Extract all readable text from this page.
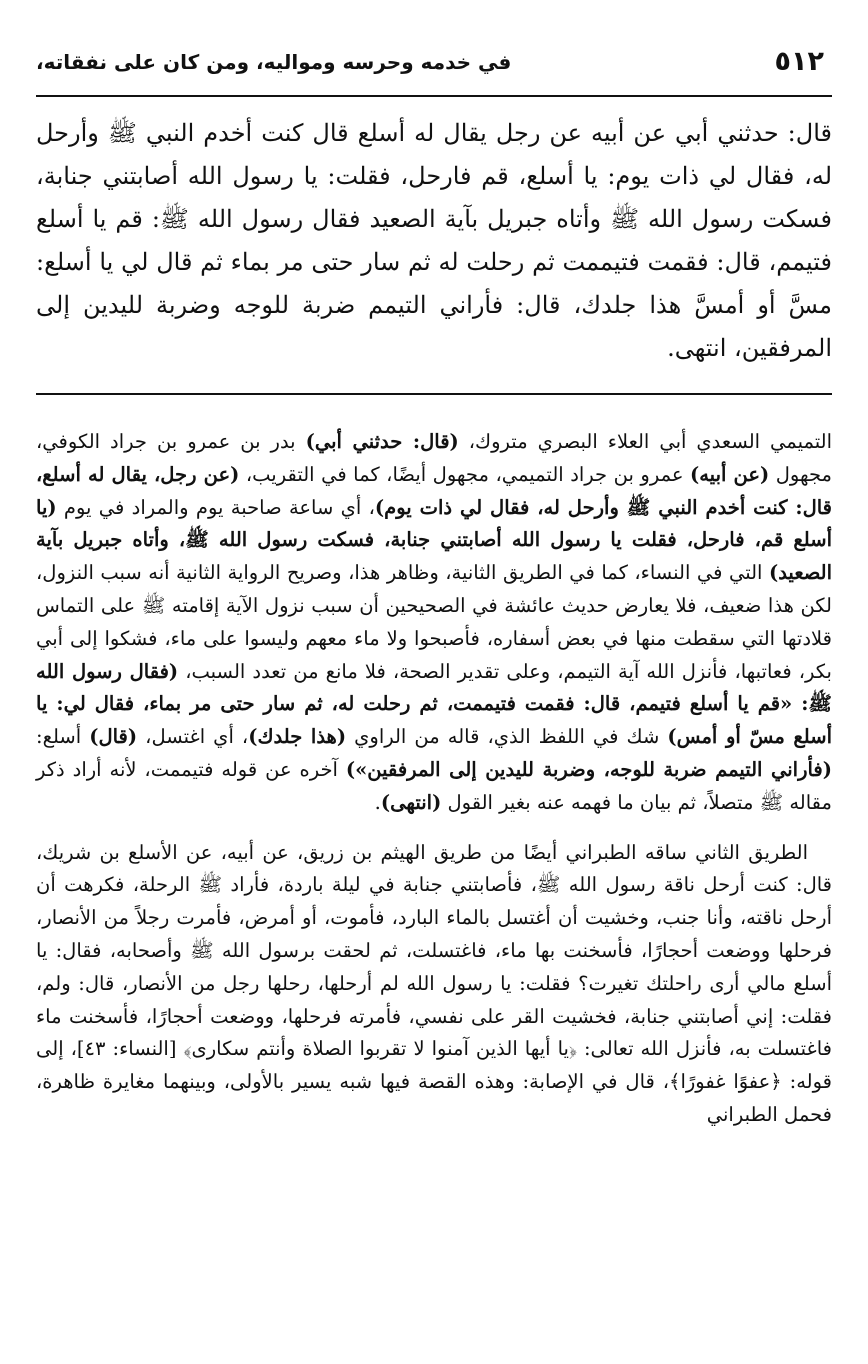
٥١٢
في خدمه وحرسه ومواليه، ومن كان على نفقاته،
قال: حدثني أبي عن أبيه عن رجل يقال له أسلع قال كنت أخدم النبي ﷺ وأرحل له، فقال لي ذات يوم: يا أسلع، قم فارحل، فقلت: يا رسول الله أصابتني جنابة، فسكت رسول الله ﷺ وأتاه جبريل بآية الصعيد فقال رسول الله ﷺ: قم يا أسلع فتيمم، قال: فقمت فتيممت ثم رحلت له ثم سار حتى مر بماء ثم قال لي يا أسلع: مسَّ أو أمسَّ هذا جلدك، قال: فأراني التيمم ضربة للوجه وضربة لليدين إلى المرفقين، انتهى.

التميمي السعدي أبي العلاء البصري متروك، (قال: حدثني أبي) بدر بن عمرو بن جراد الكوفي، مجهول (عن أبيه) عمرو بن جراد التميمي، مجهول أيضًا، كما في التقريب، (عن رجل، يقال له أسلع، قال: كنت أخدم النبي ﷺ وأرحل له، فقال لي ذات يوم)، أي ساعة صاحبة يوم والمراد في يوم (يا أسلع قم، فارحل، فقلت يا رسول الله أصابتني جنابة، فسكت رسول الله ﷺ، وأتاه جبريل بآية الصعيد) التي في النساء، كما في الطريق الثانية، وظاهر هذا، وصريح الرواية الثانية أنه سبب النزول، لكن هذا ضعيف، فلا يعارض حديث عائشة في الصحيحين أن سبب نزول الآية إقامته ﷺ على التماس قلادتها التي سقطت منها في بعض أسفاره، فأصبحوا ولا ماء معهم وليسوا على ماء، فشكوا إلى أبي بكر، فعاتبها، فأنزل الله آية التيمم، وعلى تقدير الصحة، فلا مانع من تعدد السبب، (فقال رسول الله ﷺ: «قم يا أسلع فتيمم، قال: فقمت فتيممت، ثم رحلت له، ثم سار حتى مر بماء، فقال لي: يا أسلع مسّ أو أمس) شك في اللفظ الذي، قاله من الراوي (هذا جلدك)، أي اغتسل، (قال) أسلع: (فأراني التيمم ضربة للوجه، وضربة لليدين إلى المرفقين») آخره عن قوله فتيممت، لأنه أراد ذكر مقاله ﷺ متصلاً، ثم بيان ما فهمه عنه بغير القول (انتهى).

الطريق الثاني ساقه الطبراني أيضًا من طريق الهيثم بن زريق، عن أبيه، عن الأسلع بن شريك، قال: كنت أرحل ناقة رسول الله ﷺ، فأصابتني جنابة في ليلة باردة، فأراد ﷺ الرحلة، فكرهت أن أرحل ناقته، وأنا جنب، وخشيت أن أغتسل بالماء البارد، فأموت، أو أمرض، فأمرت رجلاً من الأنصار، فرحلها ووضعت أحجارًا، فأسخنت بها ماء، فاغتسلت، ثم لحقت برسول الله ﷺ وأصحابه، فقال: يا أسلع مالي أرى راحلتك تغيرت؟ فقلت: يا رسول الله لم أرحلها، رحلها رجل من الأنصار، قال: ولم، فقلت: إني أصابتني جنابة، فخشيت القر على نفسي، فأمرته فرحلها، ووضعت أحجارًا، فأسخنت ماء فاغتسلت به، فأنزل الله تعالى: ﴿يا أيها الذين آمنوا لا تقربوا الصلاة وأنتم سكارى﴾ [النساء: ٤٣]، إلى قوله: ﴿عفوًا غفورًا﴾، قال في الإصابة: وهذه القصة فيها شبه يسير بالأولى، وبينهما مغايرة ظاهرة، فحمل الطبراني
